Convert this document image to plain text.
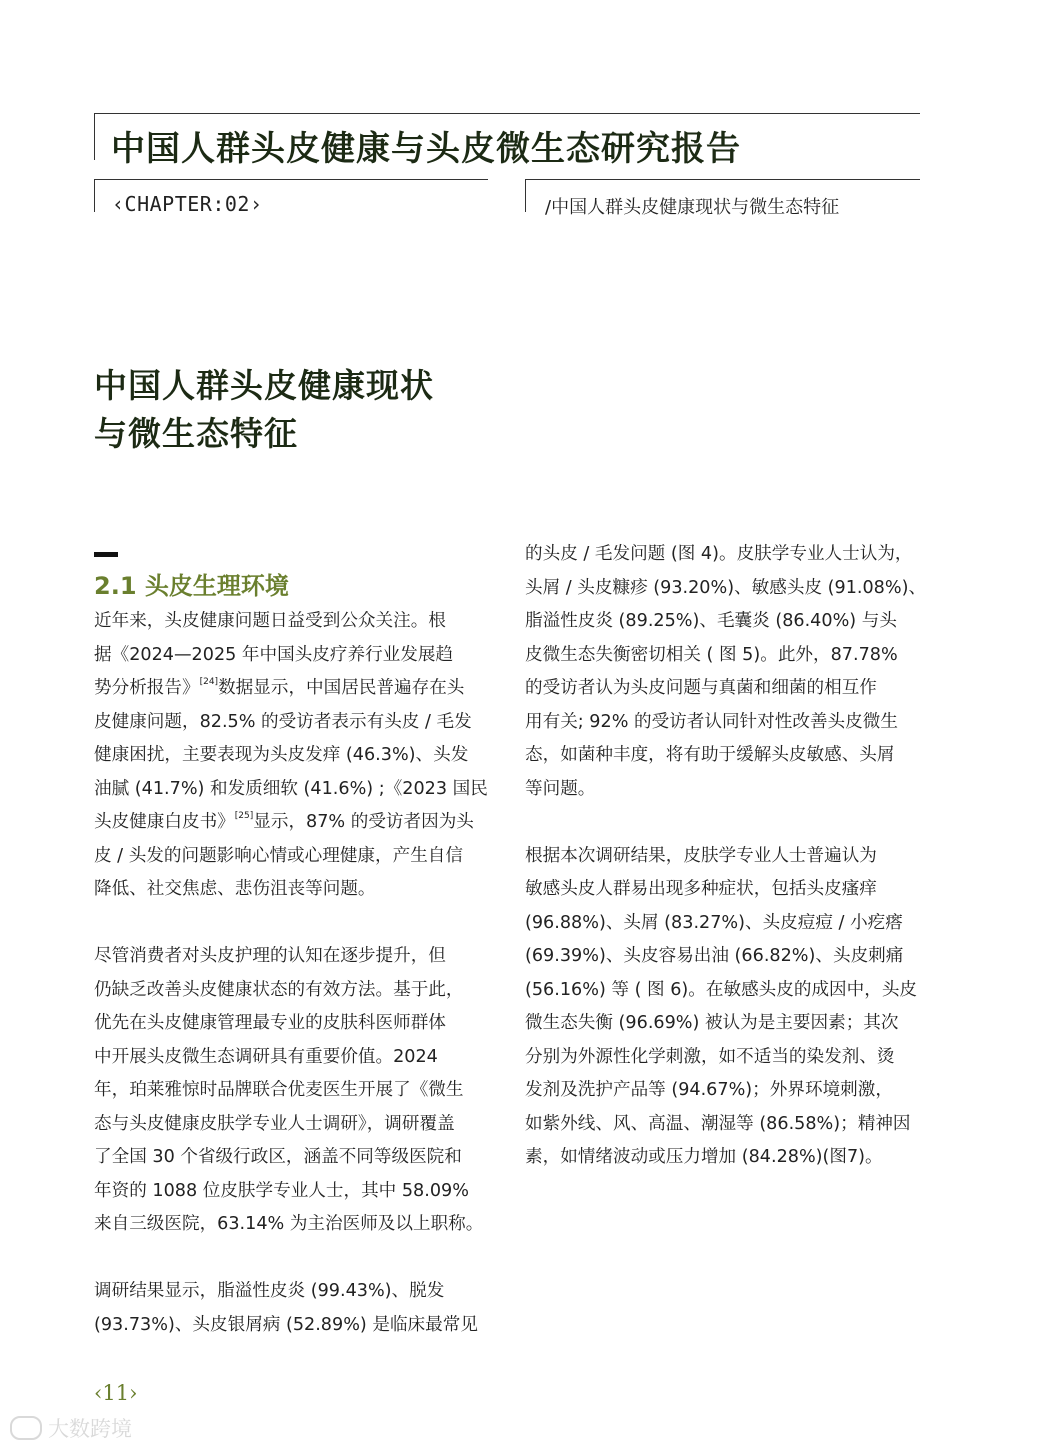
中国人群头皮健康与头皮微生态研究报告
‹CHAPTER:02›	/中国人群头皮健康现状与微生态特征
中国人群头皮健康现状
与微生态特征
2.1 头皮生理环境

近年来，头皮健康问题日益受到公众关注。根

据《2024—2025 年中国头皮疗养行业发展趋

势分析报告》[24]数据显示，中国居民普遍存在头

皮健康问题，82.5% 的受访者表示有头皮 / 毛发

健康困扰，主要表现为头皮发痒 (46.3%)、头发

油腻 (41.7%) 和发质细软 (41.6%) ;《2023 国民

头皮健康白皮书》[25]显示，87% 的受访者因为头

皮 / 头发的问题影响心情或心理健康，产生自信

降低、社交焦虑、悲伤沮丧等问题。

尽管消费者对头皮护理的认知在逐步提升，但

仍缺乏改善头皮健康状态的有效方法。基于此，

优先在头皮健康管理最专业的皮肤科医师群体

中开展头皮微生态调研具有重要价值。2024

年，珀莱雅惊时品牌联合优麦医生开展了《微生

态与头皮健康皮肤学专业人士调研》，调研覆盖

了全国 30 个省级行政区，涵盖不同等级医院和

年资的 1088 位皮肤学专业人士，其中 58.09%

来自三级医院，63.14% 为主治医师及以上职称。

调研结果显示，脂溢性皮炎 (99.43%)、脱发

(93.73%)、头皮银屑病 (52.89%) 是临床最常见

的头皮 / 毛发问题 (图 4)。皮肤学专业人士认为，

头屑 / 头皮糠疹 (93.20%)、敏感头皮 (91.08%)、

脂溢性皮炎 (89.25%)、毛囊炎 (86.40%) 与头

皮微生态失衡密切相关 ( 图 5)。此外，87.78%

的受访者认为头皮问题与真菌和细菌的相互作

用有关; 92% 的受访者认同针对性改善头皮微生

态，如菌种丰度，将有助于缓解头皮敏感、头屑

等问题。

根据本次调研结果，皮肤学专业人士普遍认为

敏感头皮人群易出现多种症状，包括头皮瘙痒

(96.88%)、头屑 (83.27%)、头皮痘痘 / 小疙瘩

(69.39%)、头皮容易出油 (66.82%)、头皮刺痛

(56.16%) 等 ( 图 6)。在敏感头皮的成因中，头皮

微生态失衡 (96.69%) 被认为是主要因素；其次

分别为外源性化学刺激，如不适当的染发剂、烫

发剂及洗护产品等 (94.67%)；外界环境刺激，

如紫外线、风、高温、潮湿等 (86.58%)；精神因

素，如情绪波动或压力增加 (84.28%)(图7)。

‹11›
大数跨境
